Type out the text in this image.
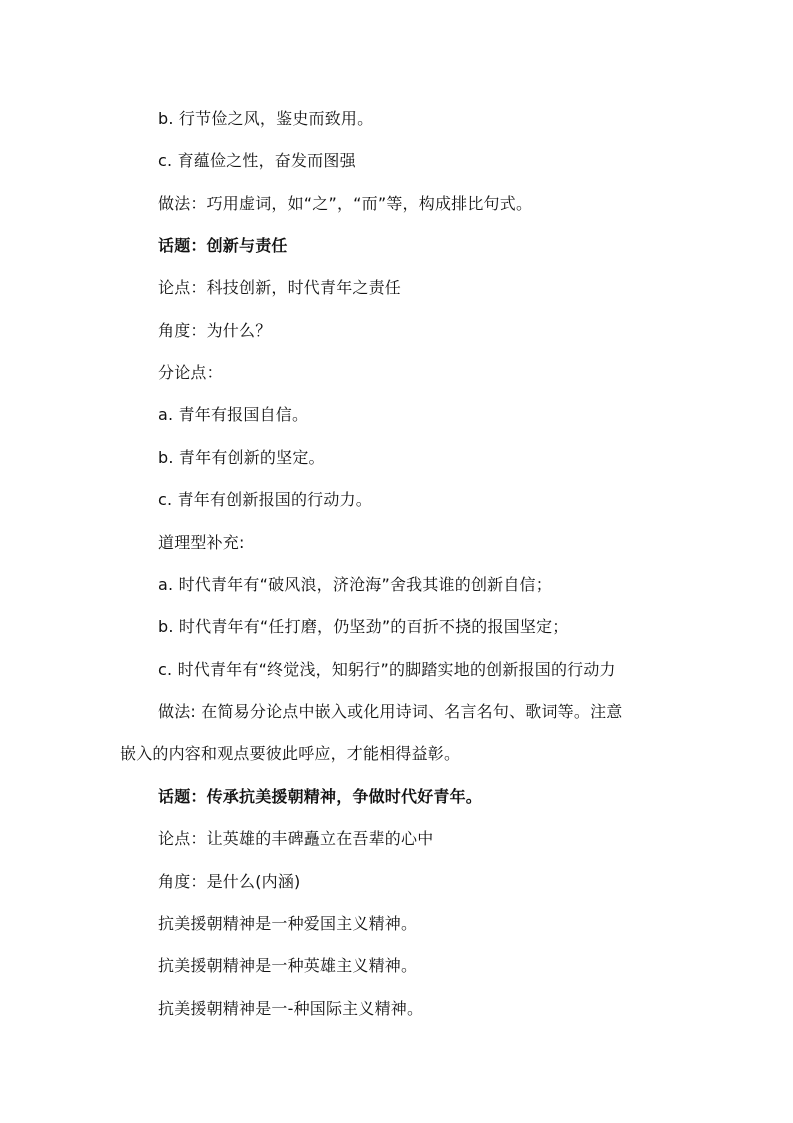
b. 行节俭之风，鉴史而致用。
c. 育蕴俭之性，奋发而图强
做法：巧用虚词，如“之”，“而”等，构成排比句式。
话题：创新与责任
论点：科技创新，时代青年之责任
角度：为什么？
分论点：
a. 青年有报国自信。
b. 青年有创新的坚定。
c. 青年有创新报国的行动力。
道理型补充:
a. 时代青年有“破风浪，济沧海”舍我其谁的创新自信；
b. 时代青年有“任打磨，仍坚劲”的百折不挠的报国坚定；
c. 时代青年有“终觉浅，知躬行”的脚踏实地的创新报国的行动力
做法: 在简易分论点中嵌入或化用诗词、名言名句、歌词等。注意
嵌入的内容和观点要彼此呼应，才能相得益彰。
话题：传承抗美援朝精神，争做时代好青年。
论点：让英雄的丰碑矗立在吾辈的心中
角度：是什么(内涵)
抗美援朝精神是一种爱国主义精神。
抗美援朝精神是一种英雄主义精神。
抗美援朝精神是一-种国际主义精神。
